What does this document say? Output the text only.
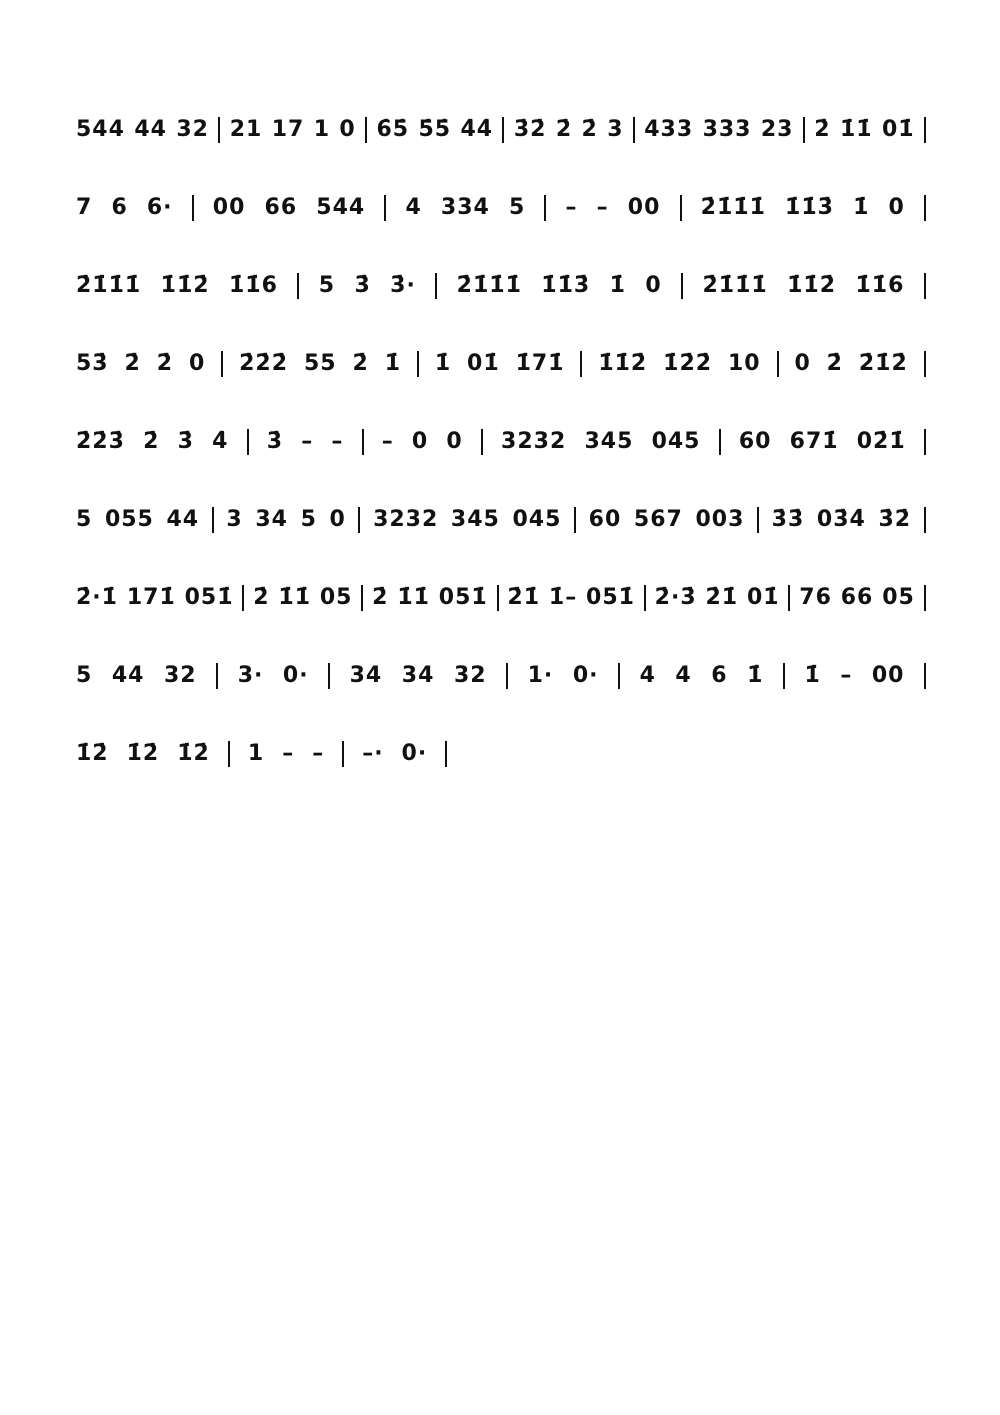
544 44 32 21 17 1 0 6̇5̇ 5̇5̇ 4̇4̇ 3̇2̇ 2̇ 2̇ 3 433 333 23 2̇ 1̇1̇ 01̇
7 6 6· 00 66 544 4 334 5 – – 00 2̇1̇1̇1̇ 1̇1̇3̇ 1̇ 0
2̇1̇1̇1̇ 1̇1̇2̇ 1̇1̇6 5 3̇ 3̇· 2̇1̇1̇1̇ 1̇1̇3̇ 1̇ 0 2̇1̇1̇1̇ 1̇1̇2̇ 1̇1̇6
53̇ 2̇ 2̇ 0 2̇2̇2̇ 55 2̇ 1̇ 1̇ 01̇ 1̇71̇ 1̇1̇2̇ 1̇2̇2̇ 10 0 2̇ 2̇1̇2̇
2̇2̇3̇ 2̇ 3̇ 4̇ 3̇ – – – 0 0 3232 345 045 60 671̇ 02̇1̇
5 055 44 3 34 5 0 3232 345 045 60 567 003 3̇3̇ 03̇4̇ 3̇2̇
2̇·1̇ 171̇ 051̇ 2̇ 1̇1̇ 05 2̇ 1̇1̇ 051̇ 2̇1̇ 1̇– 051̇ 2̇·3̇ 2̇1̇ 01̇ 76 66 05
5 44 32 3· 0· 34 34 32 1· 0· 4 4 6 1̇ 1̇ – 00
1̇2̇ 1̇2̇ 1̇2̇ 1 – – –· 0·
